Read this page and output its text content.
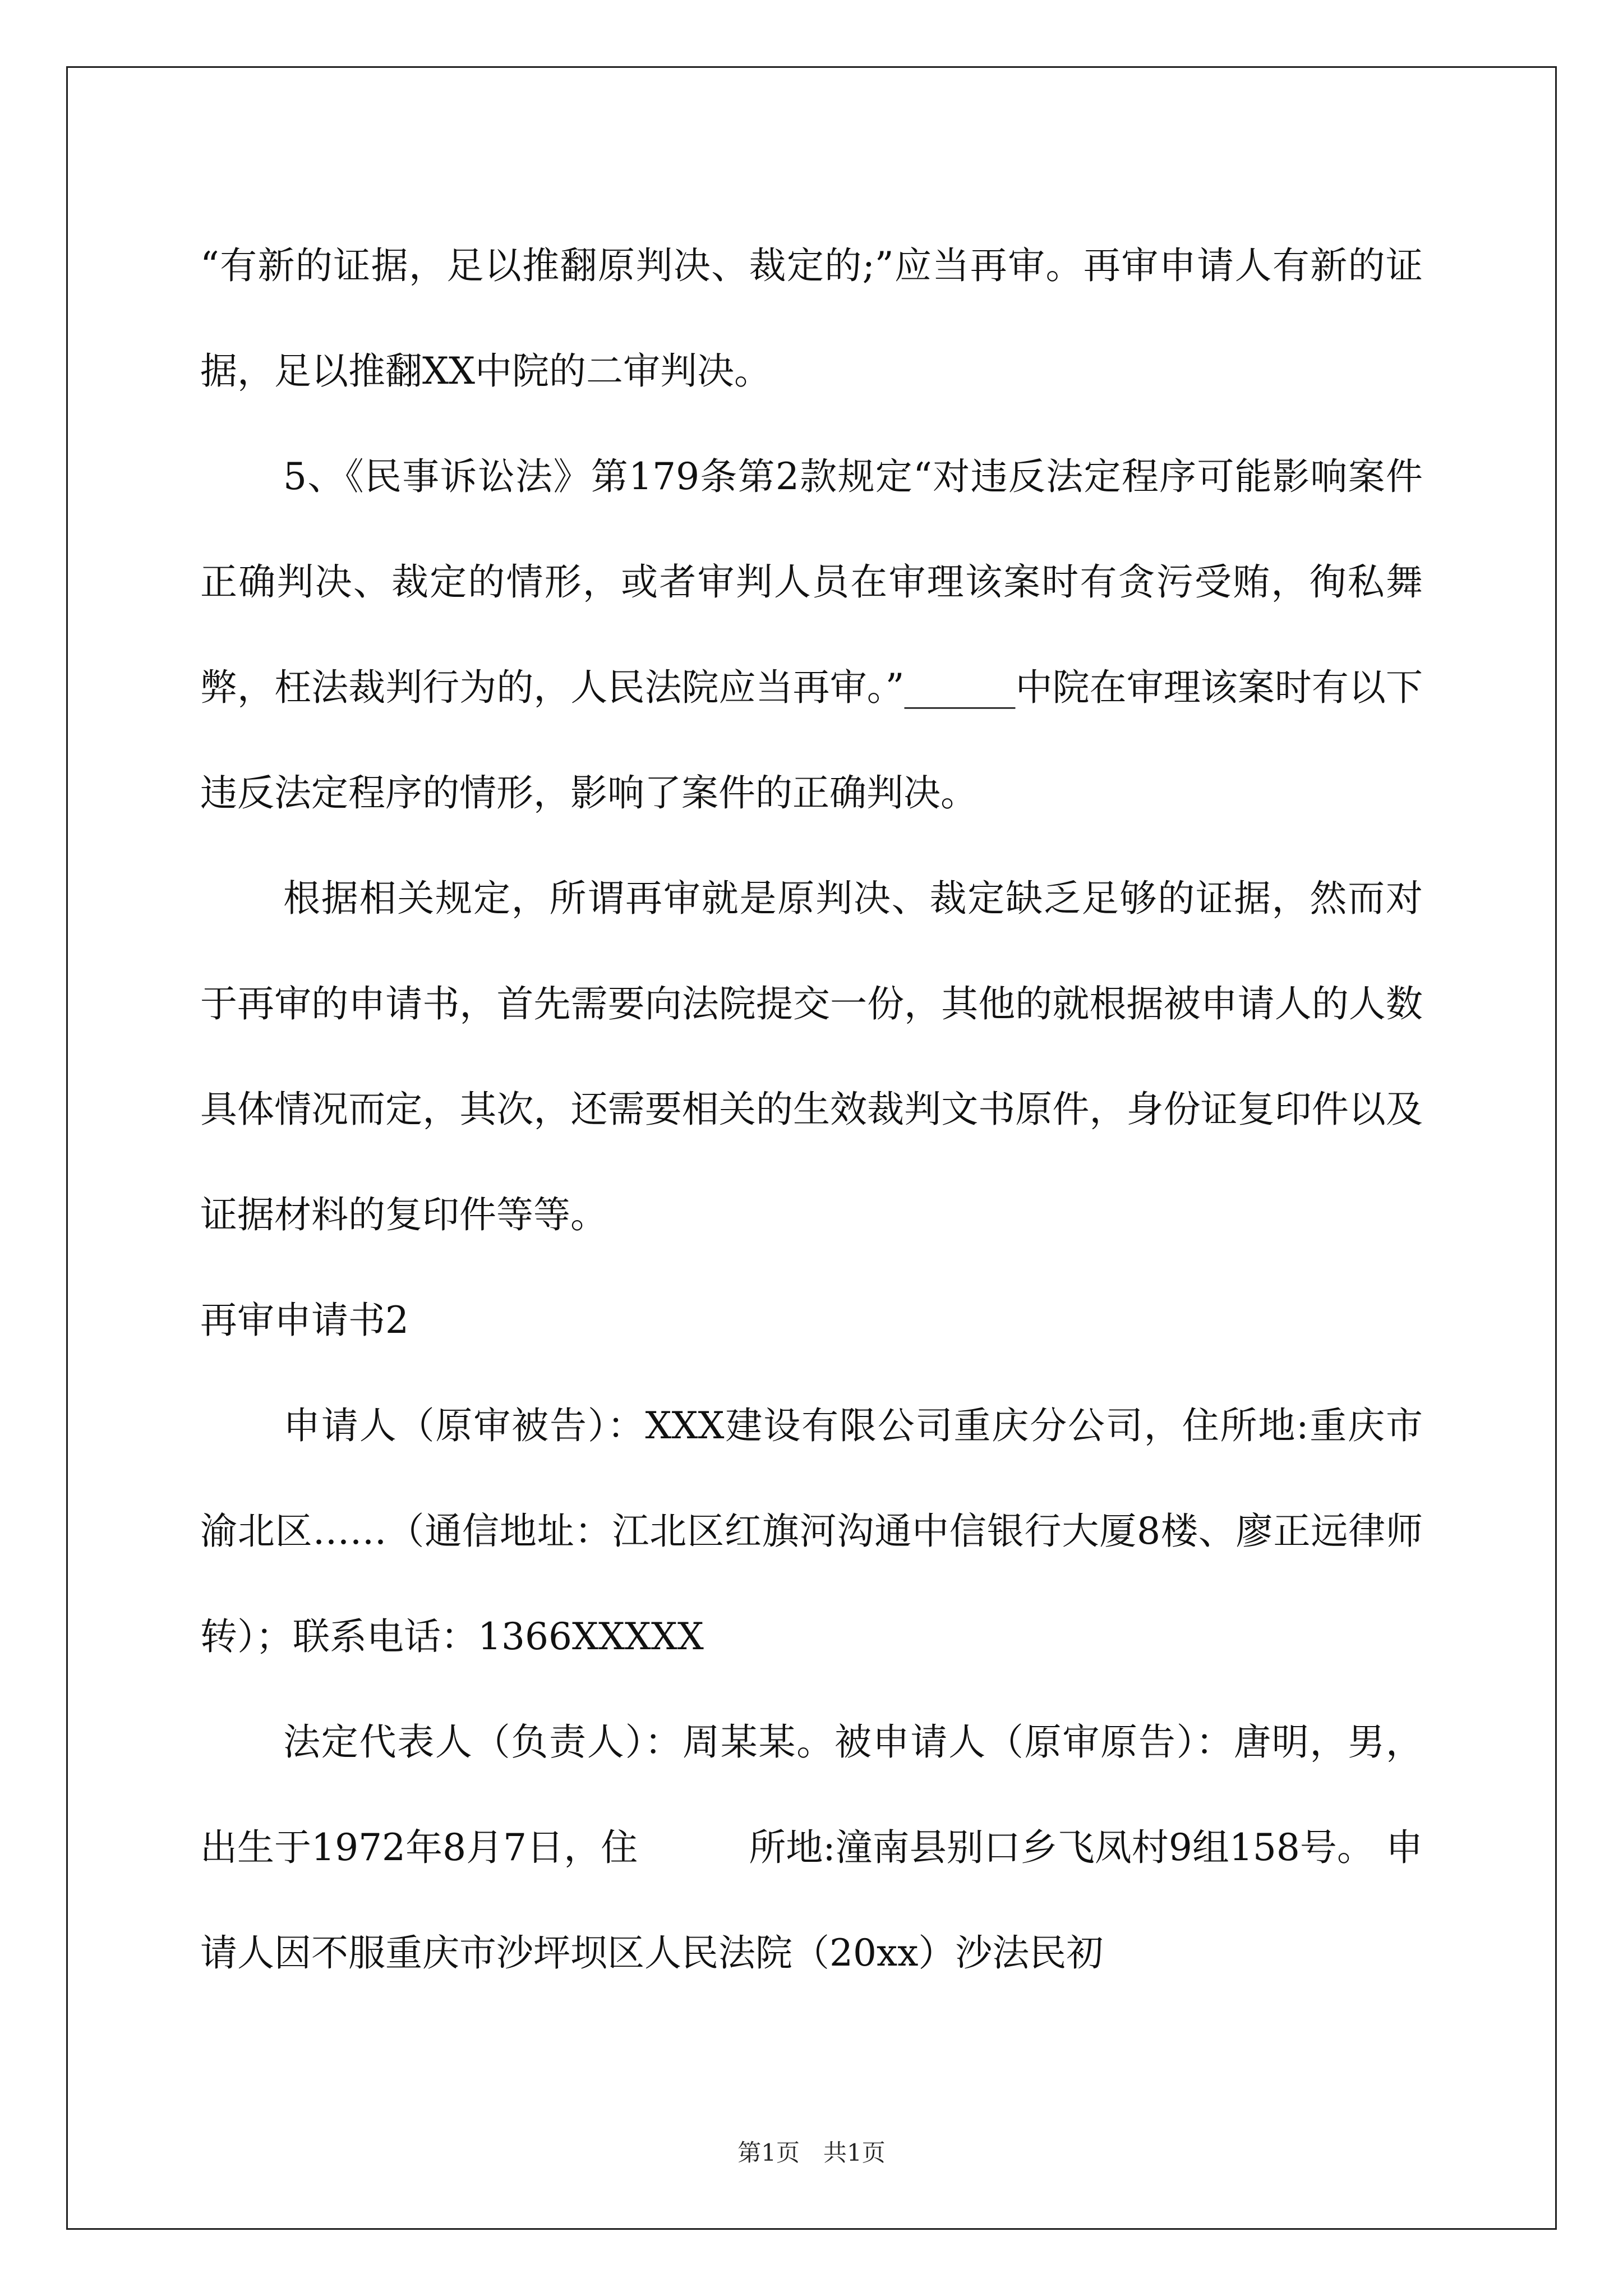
“有新的证据，足以推翻原判决、裁定的;”应当再审。再审申请人有新的证据，足以推翻XX中院的二审判决。

5、《民事诉讼法》第179条第2款规定“对违反法定程序可能影响案件正确判决、裁定的情形，或者审判人员在审理该案时有贪污受贿，徇私舞弊，枉法裁判行为的，人民法院应当再审。”______中院在审理该案时有以下违反法定程序的情形，影响了案件的正确判决。

根据相关规定，所谓再审就是原判决、裁定缺乏足够的证据，然而对于再审的申请书，首先需要向法院提交一份，其他的就根据被申请人的人数具体情况而定，其次，还需要相关的生效裁判文书原件，身份证复印件以及证据材料的复印件等等。

再审申请书2

申请人（原审被告）：XXX建设有限公司重庆分公司，住所地:重庆市渝北区……（通信地址：江北区红旗河沟通中信银行大厦8楼、廖正远律师转）；联系电话：1366XXXXX

法定代表人（负责人）：周某某。被申请人（原审原告）：唐明，男，出生于1972年8月7日，住　　　所地:潼南县别口乡飞凤村9组158号。 申请人因不服重庆市沙坪坝区人民法院（20xx）沙法民初

第1页　共1页
